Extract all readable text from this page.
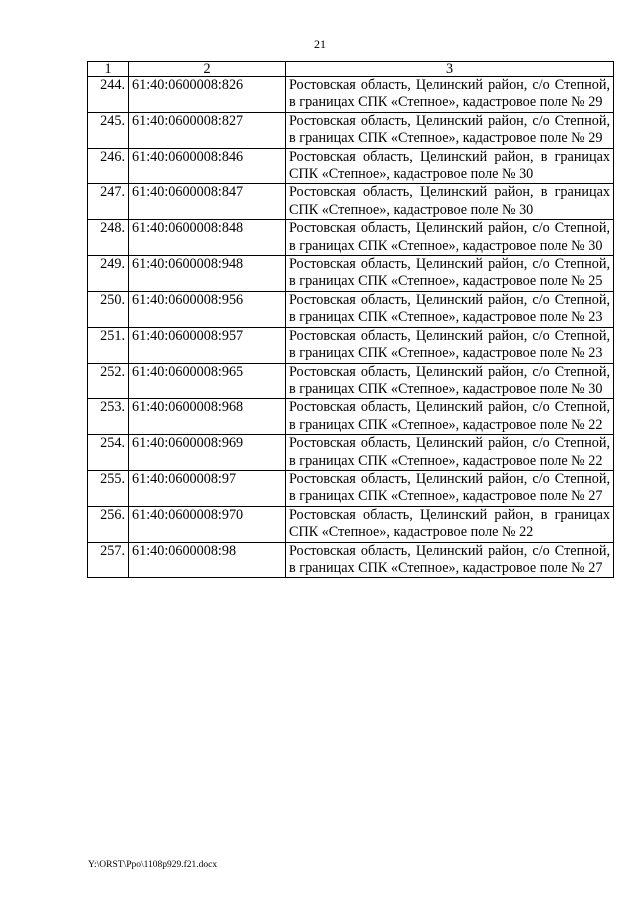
21
1	2	3
244.	61:40:0600008:826	Ростовская область, Целинский район, с/о Степной, в границах СПК «Степное», кадастровое поле № 29
245.	61:40:0600008:827	Ростовская область, Целинский район, с/о Степной, в границах СПК «Степное», кадастровое поле № 29
246.	61:40:0600008:846	Ростовская область, Целинский район, в границах СПК «Степное», кадастровое поле № 30
247.	61:40:0600008:847	Ростовская область, Целинский район, в границах СПК «Степное», кадастровое поле № 30
248.	61:40:0600008:848	Ростовская область, Целинский район, с/о Степной, в границах СПК «Степное», кадастровое поле № 30
249.	61:40:0600008:948	Ростовская область, Целинский район, с/о Степной, в границах СПК «Степное», кадастровое поле № 25
250.	61:40:0600008:956	Ростовская область, Целинский район, с/о Степной, в границах СПК «Степное», кадастровое поле № 23
251.	61:40:0600008:957	Ростовская область, Целинский район, с/о Степной, в границах СПК «Степное», кадастровое поле № 23
252.	61:40:0600008:965	Ростовская область, Целинский район, с/о Степной, в границах СПК «Степное», кадастровое поле № 30
253.	61:40:0600008:968	Ростовская область, Целинский район, с/о Степной, в границах СПК «Степное», кадастровое поле № 22
254.	61:40:0600008:969	Ростовская область, Целинский район, с/о Степной, в границах СПК «Степное», кадастровое поле № 22
255.	61:40:0600008:97	Ростовская область, Целинский район, с/о Степной, в границах СПК «Степное», кадастровое поле № 27
256.	61:40:0600008:970	Ростовская область, Целинский район, в границах СПК «Степное», кадастровое поле № 22
257.	61:40:0600008:98	Ростовская область, Целинский район, с/о Степной, в границах СПК «Степное», кадастровое поле № 27
Y:\ORST\Ppo\1108p929.f21.docx
